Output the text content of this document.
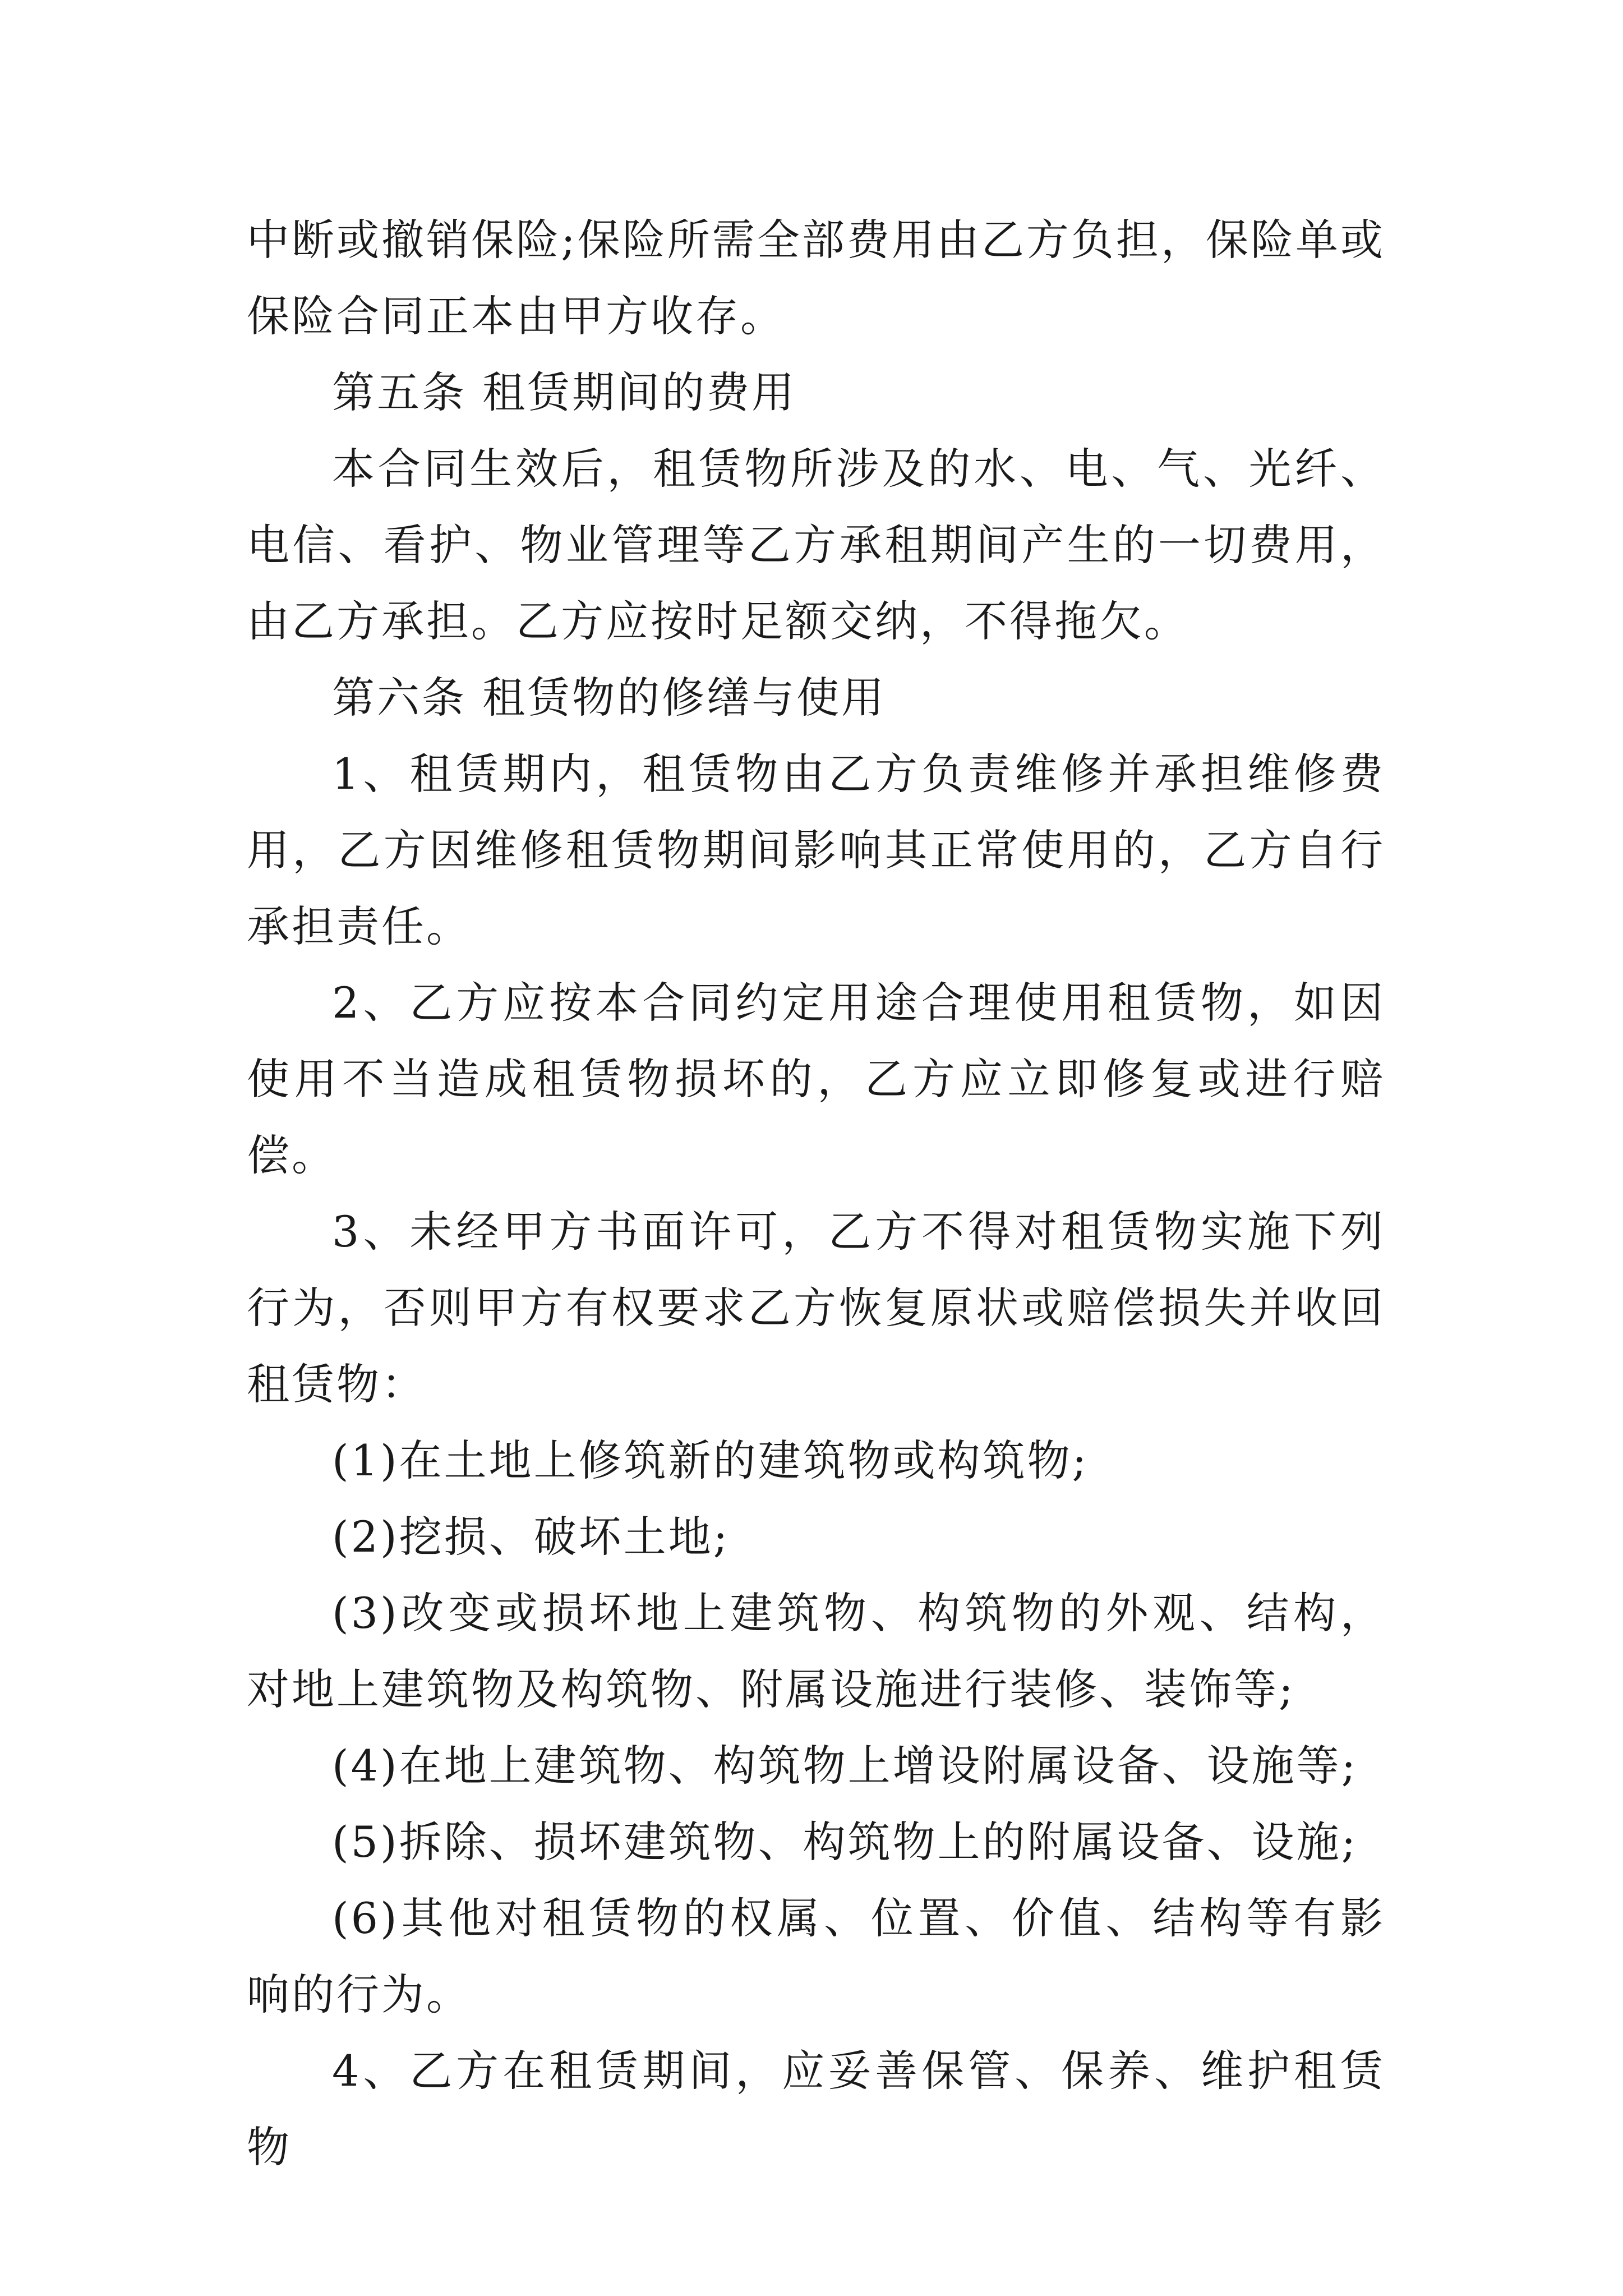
中断或撤销保险;保险所需全部费用由乙方负担，保险单或保险合同正本由甲方收存。

第五条 租赁期间的费用

本合同生效后，租赁物所涉及的水、电、气、光纤、电信、看护、物业管理等乙方承租期间产生的一切费用，由乙方承担。乙方应按时足额交纳，不得拖欠。

第六条 租赁物的修缮与使用

1、租赁期内，租赁物由乙方负责维修并承担维修费用，乙方因维修租赁物期间影响其正常使用的，乙方自行承担责任。

2、乙方应按本合同约定用途合理使用租赁物，如因使用不当造成租赁物损坏的，乙方应立即修复或进行赔偿。

3、未经甲方书面许可，乙方不得对租赁物实施下列行为，否则甲方有权要求乙方恢复原状或赔偿损失并收回租赁物：

(1)在土地上修筑新的建筑物或构筑物;

(2)挖损、破坏土地;

(3)改变或损坏地上建筑物、构筑物的外观、结构，对地上建筑物及构筑物、附属设施进行装修、装饰等;

(4)在地上建筑物、构筑物上增设附属设备、设施等;

(5)拆除、损坏建筑物、构筑物上的附属设备、设施;

(6)其他对租赁物的权属、位置、价值、结构等有影响的行为。

4、乙方在租赁期间，应妥善保管、保养、维护租赁物
